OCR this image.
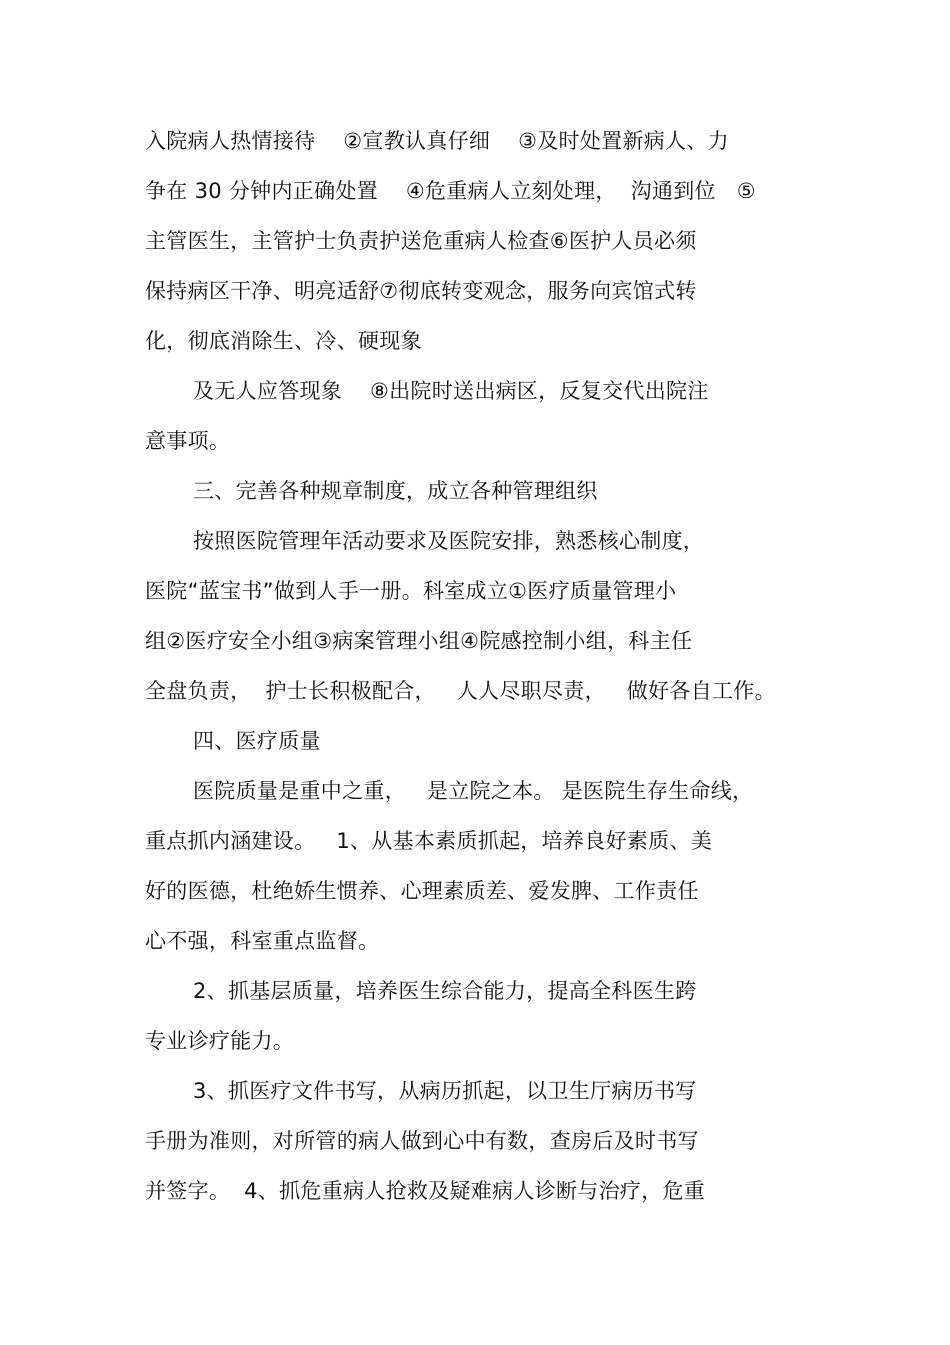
入院病人热情接待    ②宣教认真仔细    ③及时处置新病人、力
争在 30 分钟内正确处置    ④危重病人立刻处理，  沟通到位   ⑤
主管医生，主管护士负责护送危重病人检查⑥医护人员必须
保持病区干净、明亮适舒⑦彻底转变观念，服务向宾馆式转
化，彻底消除生、冷、硬现象
及无人应答现象    ⑧出院时送出病区，反复交代出院注
意事项。
三、完善各种规章制度，成立各种管理组织
按照医院管理年活动要求及医院安排，熟悉核心制度，
医院“蓝宝书”做到人手一册。科室成立①医疗质量管理小
组②医疗安全小组③病案管理小组④院感控制小组，科主任
全盘负责，  护士长积极配合，   人人尽职尽责，   做好各自工作。
四、医疗质量
医院质量是重中之重，   是立院之本。 是医院生存生命线，
重点抓内涵建设。   1、从基本素质抓起，培养良好素质、美
好的医德，杜绝娇生惯养、心理素质差、爱发脾、工作责任
心不强，科室重点监督。
2、抓基层质量，培养医生综合能力，提高全科医生跨
专业诊疗能力。
3、抓医疗文件书写，从病历抓起，以卫生厅病历书写
手册为准则，对所管的病人做到心中有数，查房后及时书写
并签字。  4、抓危重病人抢救及疑难病人诊断与治疗，危重
